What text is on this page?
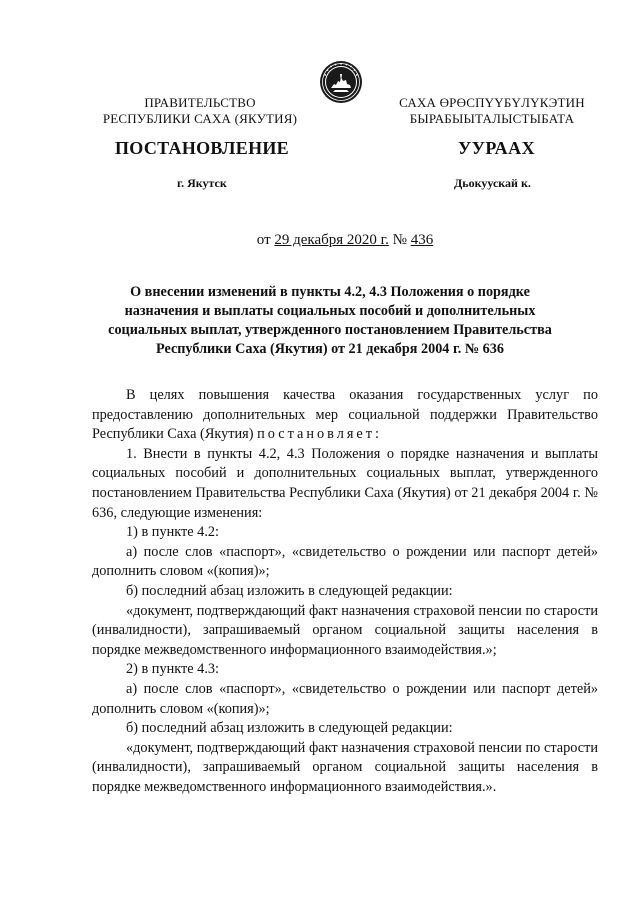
ПРАВИТЕЛЬСТВО
РЕСПУБЛИКИ САХА (ЯКУТИЯ)
САХА ӨРӨСПҮҮБҮЛҮКЭТИН
БЫРАБЫЫТАЛЫСТЫБАТА
ПОСТАНОВЛЕНИЕ	УУРААХ
г. Якутск	Дьокуускай к.
от 29 декабря 2020 г. № 436
О внесении изменений в пункты 4.2, 4.3 Положения о порядке
назначения и выплаты социальных пособий и дополнительных
социальных выплат, утвержденного постановлением Правительства
Республики Саха (Якутия) от 21 декабря 2004 г. № 636

В целях повышения качества оказания государственных услуг по предоставлению дополнительных мер социальной поддержки Правительство Республики Саха (Якутия) постановляет:

1. Внести в пункты 4.2, 4.3 Положения о порядке назначения и выплаты социальных пособий и дополнительных социальных выплат, утвержденного постановлением Правительства Республики Саха (Якутия) от 21 декабря 2004 г. № 636, следующие изменения:

1) в пункте 4.2:

а) после слов «паспорт», «свидетельство о рождении или паспорт детей» дополнить словом «(копия)»;

б) последний абзац изложить в следующей редакции:

«документ, подтверждающий факт назначения страховой пенсии по старости (инвалидности), запрашиваемый органом социальной защиты населения в порядке межведомственного информационного взаимодействия.»;

2) в пункте 4.3:

а) после слов «паспорт», «свидетельство о рождении или паспорт детей» дополнить словом «(копия)»;

б) последний абзац изложить в следующей редакции:

«документ, подтверждающий факт назначения страховой пенсии по старости (инвалидности), запрашиваемый органом социальной защиты населения в порядке межведомственного информационного взаимодействия.».
